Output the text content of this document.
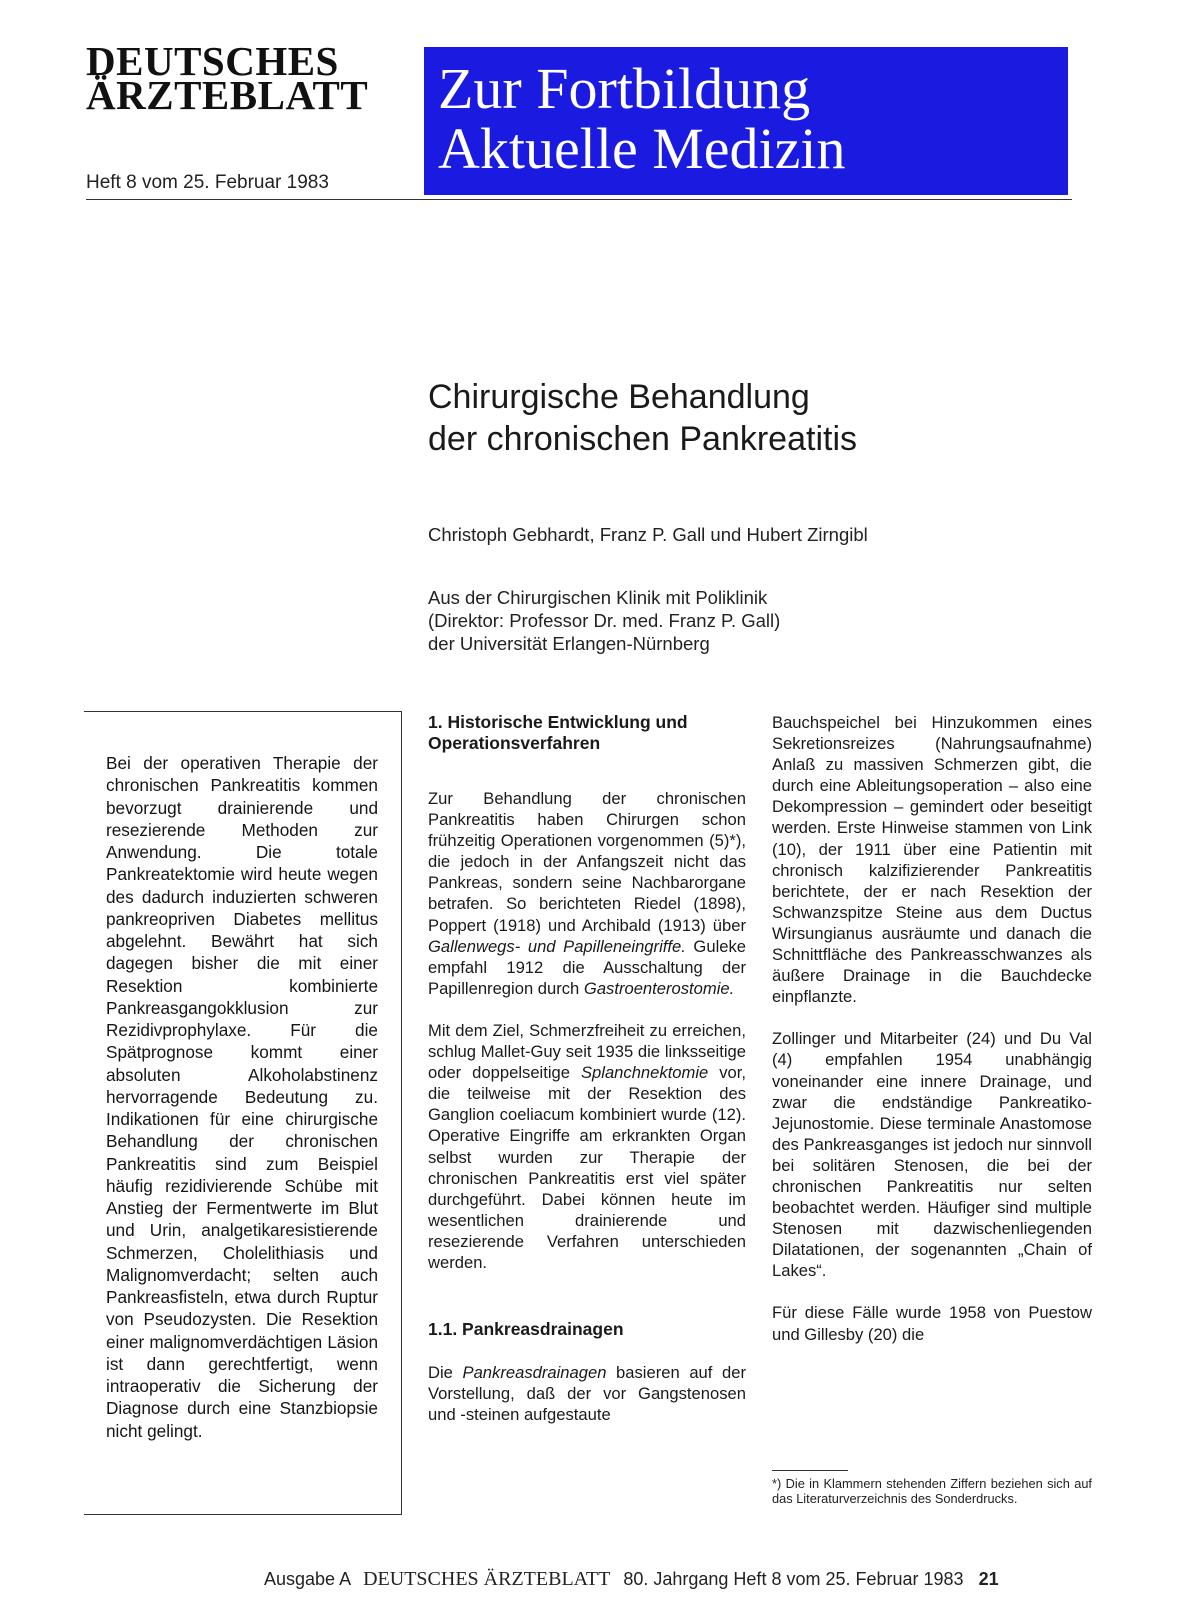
DEUTSCHES
ÄRZTEBLATT
Heft 8 vom 25. Februar 1983
Zur Fortbildung
Aktuelle Medizin
Chirurgische Behandlung
der chronischen Pankreatitis
Christoph Gebhardt, Franz P. Gall und Hubert Zirngibl
Aus der Chirurgischen Klinik mit Poliklinik
(Direktor: Professor Dr. med. Franz P. Gall)
der Universität Erlangen-Nürnberg
Bei der operativen Therapie der chronischen Pankreatitis kommen bevorzugt drainierende und resezierende Methoden zur Anwendung. Die totale Pankreatektomie wird heute wegen des dadurch induzierten schweren pankreopriven Diabetes mellitus abgelehnt. Bewährt hat sich dagegen bisher die mit einer Resektion kombinierte Pankreasgangokklusion zur Rezidivprophylaxe. Für die Spätprognose kommt einer absoluten Alkoholabstinenz hervorragende Bedeutung zu. Indikationen für eine chirurgische Behandlung der chronischen Pankreatitis sind zum Beispiel häufig rezidivierende Schübe mit Anstieg der Fermentwerte im Blut und Urin, analgetikaresistierende Schmerzen, Cholelithiasis und Malignomverdacht; selten auch Pankreasfisteln, etwa durch Ruptur von Pseudozysten. Die Resektion einer malignomverdächtigen Läsion ist dann gerechtfertigt, wenn intraoperativ die Sicherung der Diagnose durch eine Stanzbiopsie nicht gelingt.
1. Historische Entwicklung und Operationsverfahren

Zur Behandlung der chronischen Pankreatitis haben Chirurgen schon frühzeitig Operationen vorgenommen (5)*), die jedoch in der Anfangszeit nicht das Pankreas, sondern seine Nachbarorgane betrafen. So berichteten Riedel (1898), Poppert (1918) und Archibald (1913) über Gallenwegs- und Papilleneingriffe. Guleke empfahl 1912 die Ausschaltung der Papillenregion durch Gastroenterostomie.

Mit dem Ziel, Schmerzfreiheit zu erreichen, schlug Mallet-Guy seit 1935 die linksseitige oder doppelseitige Splanchnektomie vor, die teilweise mit der Resektion des Ganglion coeliacum kombiniert wurde (12). Operative Eingriffe am erkrankten Organ selbst wurden zur Therapie der chronischen Pankreatitis erst viel später durchgeführt. Dabei können heute im wesentlichen drainierende und resezierende Verfahren unterschieden werden.

1.1. Pankreasdrainagen

Die Pankreasdrainagen basieren auf der Vorstellung, daß der vor Gangstenosen und -steinen aufgestaute

Bauchspeichel bei Hinzukommen eines Sekretionsreizes (Nahrungsaufnahme) Anlaß zu massiven Schmerzen gibt, die durch eine Ableitungsoperation – also eine Dekompression – gemindert oder beseitigt werden. Erste Hinweise stammen von Link (10), der 1911 über eine Patientin mit chronisch kalzifizierender Pankreatitis berichtete, der er nach Resektion der Schwanzspitze Steine aus dem Ductus Wirsungianus ausräumte und danach die Schnittfläche des Pankreasschwanzes als äußere Drainage in die Bauchdecke einpflanzte.

Zollinger und Mitarbeiter (24) und Du Val (4) empfahlen 1954 unabhängig voneinander eine innere Drainage, und zwar die endständige Pankreatiko-Jejunostomie. Diese terminale Anastomose des Pankreasganges ist jedoch nur sinnvoll bei solitären Stenosen, die bei der chronischen Pankreatitis nur selten beobachtet werden. Häufiger sind multiple Stenosen mit dazwischenliegenden Dilatationen, der sogenannten „Chain of Lakes“.

Für diese Fälle wurde 1958 von Puestow und Gillesby (20) die

*) Die in Klammern stehenden Ziffern beziehen sich auf das Literaturverzeichnis des Sonderdrucks.
Ausgabe A DEUTSCHES ÄRZTEBLATT 80. Jahrgang Heft 8 vom 25. Februar 1983 21
